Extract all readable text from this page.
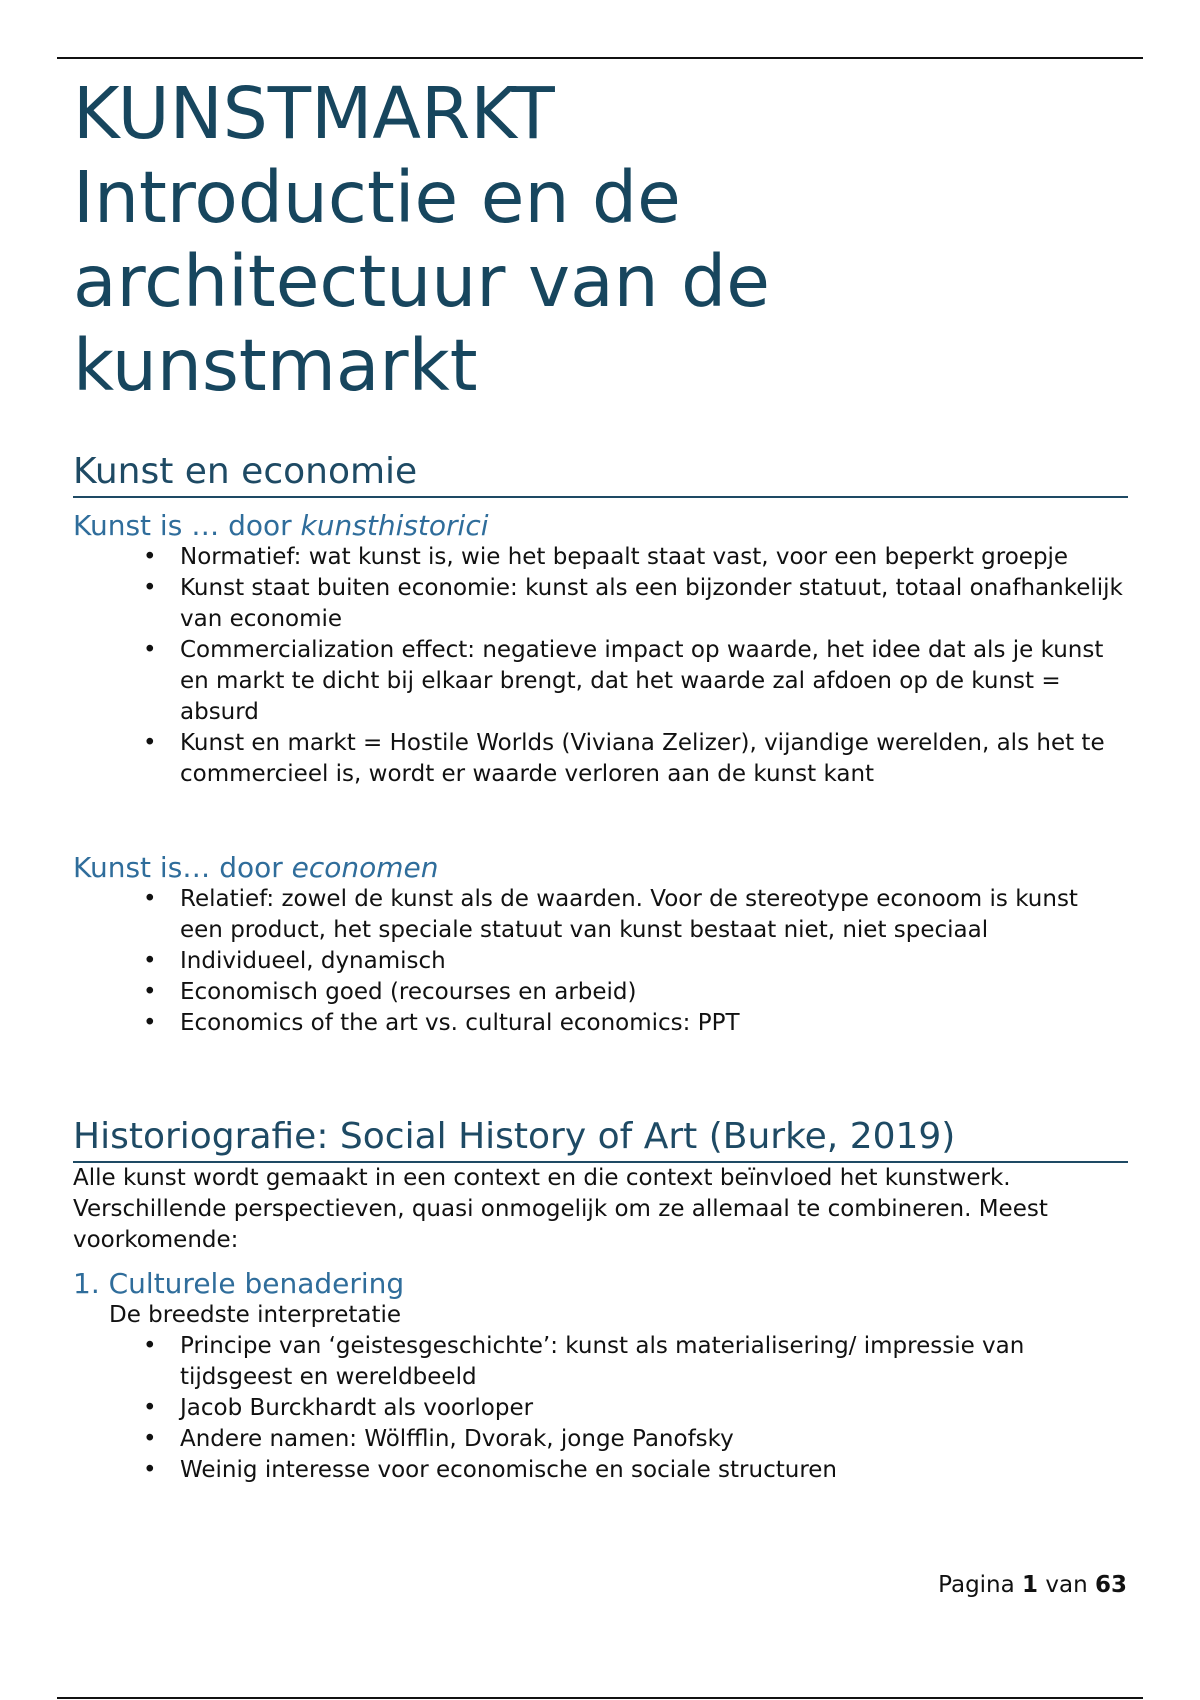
KUNSTMARKT
Introductie en de
architectuur van de
kunstmarkt
Kunst en economie
Kunst is … door kunsthistorici
• Normatief: wat kunst is, wie het bepaalt staat vast, voor een beperkt groepje
• Kunst staat buiten economie: kunst als een bijzonder statuut, totaal onafhankelijk van economie
• Commercialization effect: negatieve impact op waarde, het idee dat als je kunst en markt te dicht bij elkaar brengt, dat het waarde zal afdoen op de kunst = absurd
• Kunst en markt = Hostile Worlds (Viviana Zelizer), vijandige werelden, als het te commercieel is, wordt er waarde verloren aan de kunst kant
Kunst is… door economen
• Relatief: zowel de kunst als de waarden. Voor de stereotype econoom is kunst een product, het speciale statuut van kunst bestaat niet, niet speciaal
• Individueel, dynamisch
• Economisch goed (recourses en arbeid)
• Economics of the art vs. cultural economics: PPT
Historiografie: Social History of Art (Burke, 2019)

Alle kunst wordt gemaakt in een context en die context beïnvloed het kunstwerk. Verschillende perspectieven, quasi onmogelijk om ze allemaal te combineren. Meest voorkomende:

1. Culturele benadering

De breedste interpretatie

• Principe van ‘geistesgeschichte’: kunst als materialisering/ impressie van tijdsgeest en wereldbeeld
• Jacob Burckhardt als voorloper
• Andere namen: Wölfflin, Dvorak, jonge Panofsky
• Weinig interesse voor economische en sociale structuren
Pagina 1 van 63
